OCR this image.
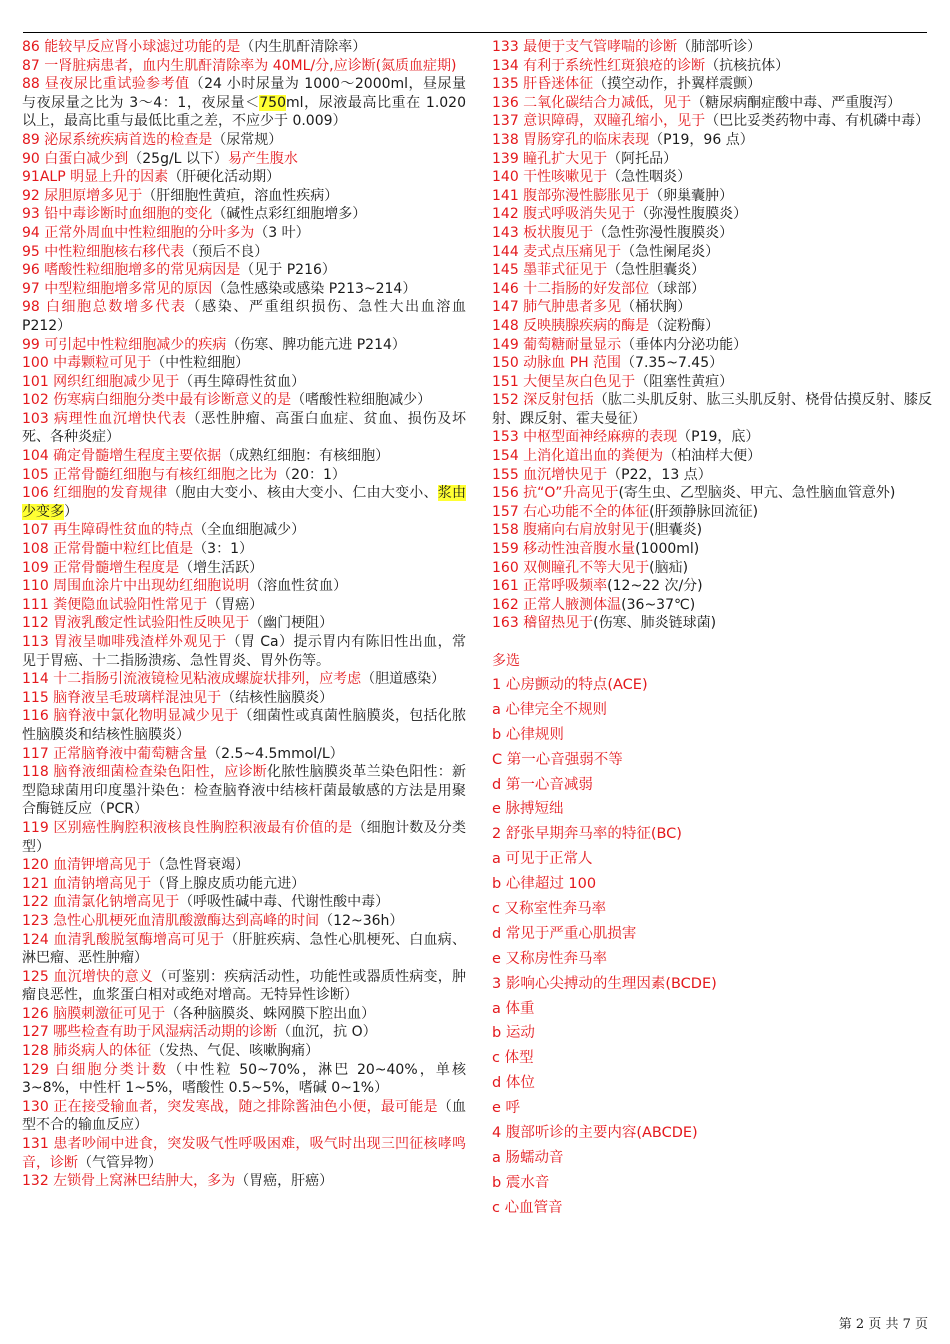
86 能较早反应肾小球滤过功能的是（内生肌酐清除率）

87 一肾脏病患者，血内生肌酐清除率为 40ML/分,应诊断(氮质血症期)

88 昼夜尿比重试验参考值（24 小时尿量为 1000～2000ml，昼尿量与夜尿量之比为 3～4：1，夜尿量＜750ml，尿液最高比重在 1.020 以上，最高比重与最低比重之差，不应少于 0.009）

89 泌尿系统疾病首选的检查是（尿常规）

90 白蛋白减少到（25g/L 以下）易产生腹水

91ALP 明显上升的因素（肝硬化活动期）

92 尿胆原增多见于（肝细胞性黄疸，溶血性疾病）

93 铅中毒诊断时血细胞的变化（碱性点彩红细胞增多）

94 正常外周血中性粒细胞的分叶多为（3 叶）

95 中性粒细胞核右移代表（预后不良）

96 嗜酸性粒细胞增多的常见病因是（见于 P216）

97 中型粒细胞增多常见的原因（急性感染或感染 P213~214）

98 白细胞总数增多代表（感染、严重组织损伤、急性大出血溶血 P212）

99 可引起中性粒细胞减少的疾病（伤寒、脾功能亢进 P214）

100 中毒颗粒可见于（中性粒细胞）

101 网织红细胞减少见于（再生障碍性贫血）

102 伤寒病白细胞分类中最有诊断意义的是（嗜酸性粒细胞减少）

103 病理性血沉增快代表（恶性肿瘤、高蛋白血症、贫血、损伤及坏死、各种炎症）

104 确定骨髓增生程度主要依据（成熟红细胞：有核细胞）

105 正常骨髓红细胞与有核红细胞之比为（20：1）

106 红细胞的发育规律（胞由大变小、核由大变小、仁由大变小、浆由少变多）

107 再生障碍性贫血的特点（全血细胞减少）

108 正常骨髓中粒红比值是（3：1）

109 正常骨髓增生程度是（增生活跃）

110 周围血涂片中出现幼红细胞说明（溶血性贫血）

111 粪便隐血试验阳性常见于（胃癌）

112 胃液乳酸定性试验阳性反映见于（幽门梗阻）

113 胃液呈咖啡残渣样外观见于（胃 Ca）提示胃内有陈旧性出血，常见于胃癌、十二指肠溃疡、急性胃炎、胃外伤等。

114 十二指肠引流液镜检见粘液成螺旋状排列，应考虑（胆道感染）

115 脑脊液呈毛玻璃样混浊见于（结核性脑膜炎）

116 脑脊液中氯化物明显减少见于（细菌性或真菌性脑膜炎，包括化脓性脑膜炎和结核性脑膜炎）

117 正常脑脊液中葡萄糖含量（2.5~4.5mmol/L）

118 脑脊液细菌检查染色阳性，应诊断化脓性脑膜炎革兰染色阳性：新型隐球菌用印度墨汁染色：检查脑脊液中结核杆菌最敏感的方法是用聚合酶链反应（PCR）

119 区别癌性胸腔积液核良性胸腔积液最有价值的是（细胞计数及分类型）

120 血清钾增高见于（急性肾衰竭）

121 血清钠增高见于（肾上腺皮质功能亢进）

122 血清氯化钠增高见于（呼吸性碱中毒、代谢性酸中毒）

123 急性心肌梗死血清肌酸激酶达到高峰的时间（12~36h）

124 血清乳酸脱氢酶增高可见于（肝脏疾病、急性心肌梗死、白血病、淋巴瘤、恶性肿瘤）

125 血沉增快的意义（可鉴别：疾病活动性，功能性或器质性病变，肿瘤良恶性，血浆蛋白相对或绝对增高。无特异性诊断）

126 脑膜刺激征可见于（各种脑膜炎、蛛网膜下腔出血）

127 哪些检查有助于风湿病活动期的诊断（血沉，抗 O）

128 肺炎病人的体征（发热、气促、咳嗽胸痛）

129 白细胞分类计数（中性粒 50~70%，淋巴 20~40%，单核 3~8%，中性杆 1~5%，嗜酸性 0.5~5%，嗜碱 0~1%）

130 正在接受输血者，突发寒战，随之排除酱油色小便，最可能是（血型不合的输血反应）

131 患者吵闹中进食，突发吸气性呼吸困难，吸气时出现三凹征核哮鸣音，诊断（气管异物）

132 左锁骨上窝淋巴结肿大，多为（胃癌，肝癌）

133 最便于支气管哮喘的诊断（肺部听诊）

134 有利于系统性红斑狼疮的诊断（抗核抗体）

135 肝昏迷体征（摸空动作，扑翼样震颤）

136 二氧化碳结合力减低，见于（糖尿病酮症酸中毒、严重腹泻）

137 意识障碍，双瞳孔缩小，见于（巴比妥类药物中毒、有机磷中毒）

138 胃肠穿孔的临床表现（P19，96 点）

139 瞳孔扩大见于（阿托品）

140 干性咳嗽见于（急性咽炎）

141 腹部弥漫性膨胀见于（卵巢囊肿）

142 腹式呼吸消失见于（弥漫性腹膜炎）

143 板状腹见于（急性弥漫性腹膜炎）

144 麦式点压痛见于（急性阑尾炎）

145 墨菲式征见于（急性胆囊炎）

146 十二指肠的好发部位（球部）

147 肺气肿患者多见（桶状胸）

148 反映胰腺疾病的酶是（淀粉酶）

149 葡萄糖耐量显示（垂体内分泌功能）

150 动脉血 PH 范围（7.35~7.45）

151 大便呈灰白色见于（阻塞性黄疸）

152 深反射包括（肱二头肌反射、肱三头肌反射、桡骨估摸反射、膝反射、踝反射、霍夫曼征）

153 中枢型面神经麻痹的表现（P19，底）

154 上消化道出血的粪便为（柏油样大便）

155 血沉增快见于（P22，13 点）

156 抗“O”升高见于(寄生虫、乙型脑炎、甲亢、急性脑血管意外)

157 右心功能不全的体征(肝颈静脉回流征)

158 腹痛向右肩放射见于(胆囊炎)

159 移动性浊音腹水量(1000ml)

160 双侧瞳孔不等大见于(脑疝)

161 正常呼吸频率(12~22 次/分)

162 正常人腋测体温(36~37℃)

163 稽留热见于(伤寒、肺炎链球菌)

多选

1 心房颤动的特点(ACE)

a 心律完全不规则

b 心律规则

C 第一心音强弱不等

d 第一心音减弱

e 脉搏短绌

2 舒张早期奔马率的特征(BC)

a 可见于正常人

b 心律超过 100

c 又称室性奔马率

d 常见于严重心肌损害

e 又称房性奔马率

3 影响心尖搏动的生理因素(BCDE)

a 体重

b 运动

c 体型

d 体位

e 呼

4 腹部听诊的主要内容(ABCDE)

a 肠蠕动音

b 震水音

c 心血管音

第 2 页 共 7 页
